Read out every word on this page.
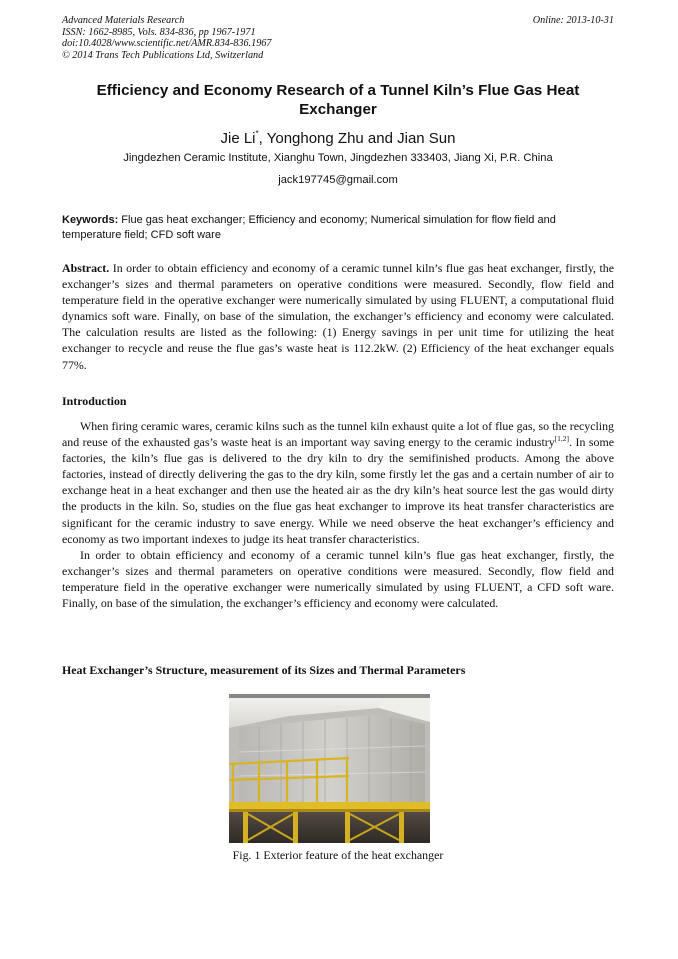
Advanced Materials Research
ISSN: 1662-8985, Vols. 834-836, pp 1967-1971
doi:10.4028/www.scientific.net/AMR.834-836.1967
© 2014 Trans Tech Publications Ltd, Switzerland
Online: 2013-10-31
Efficiency and Economy Research of a Tunnel Kiln’s Flue Gas Heat Exchanger
Jie Li*, Yonghong Zhu and Jian Sun
Jingdezhen Ceramic Institute, Xianghu Town, Jingdezhen 333403, Jiang Xi, P.R. China
jack197745@gmail.com
Keywords: Flue gas heat exchanger; Efficiency and economy; Numerical simulation for flow field and temperature field; CFD soft ware
Abstract. In order to obtain efficiency and economy of a ceramic tunnel kiln’s flue gas heat exchanger, firstly, the exchanger’s sizes and thermal parameters on operative conditions were measured. Secondly, flow field and temperature field in the operative exchanger were numerically simulated by using FLUENT, a computational fluid dynamics soft ware. Finally, on base of the simulation, the exchanger’s efficiency and economy were calculated. The calculation results are listed as the following: (1) Energy savings in per unit time for utilizing the heat exchanger to recycle and reuse the flue gas’s waste heat is 112.2kW. (2) Efficiency of the heat exchanger equals 77%.
Introduction

When firing ceramic wares, ceramic kilns such as the tunnel kiln exhaust quite a lot of flue gas, so the recycling and reuse of the exhausted gas’s waste heat is an important way saving energy to the ceramic industry[1,2]. In some factories, the kiln’s flue gas is delivered to the dry kiln to dry the semifinished products. Among the above factories, instead of directly delivering the gas to the dry kiln, some firstly let the gas and a certain number of air to exchange heat in a heat exchanger and then use the heated air as the dry kiln’s heat source lest the gas would dirty the products in the kiln. So, studies on the flue gas heat exchanger to improve its heat transfer characteristics are significant for the ceramic industry to save energy. While we need observe the heat exchanger’s efficiency and economy as two important indexes to judge its heat transfer characteristics.

In order to obtain efficiency and economy of a ceramic tunnel kiln’s flue gas heat exchanger, firstly, the exchanger’s sizes and thermal parameters on operative conditions were measured. Secondly, flow field and temperature field in the operative exchanger were numerically simulated by using FLUENT, a CFD soft ware. Finally, on base of the simulation, the exchanger’s efficiency and economy were calculated.

Heat Exchanger’s Structure, measurement of its Sizes and Thermal Parameters
Fig. 1 Exterior feature of the heat exchanger
